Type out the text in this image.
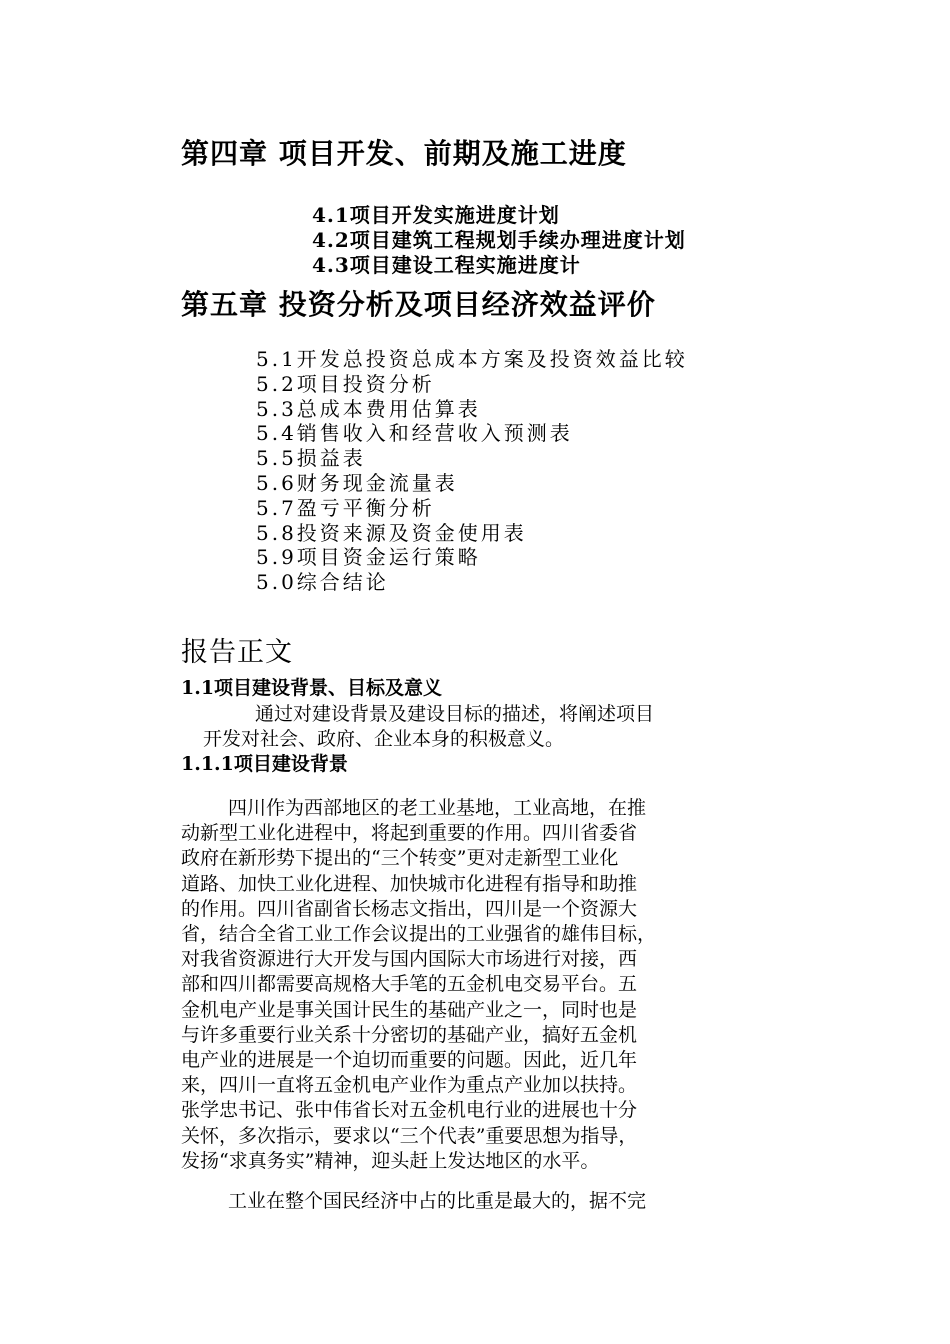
第四章 项目开发、前期及施工进度
4.1项目开发实施进度计划
4.2项目建筑工程规划手续办理进度计划
4.3项目建设工程实施进度计
第五章 投资分析及项目经济效益评价
5.1开发总投资总成本方案及投资效益比较
5.2项目投资分析
5.3总成本费用估算表
5.4销售收入和经营收入预测表
5.5损益表
5.6财务现金流量表
5.7盈亏平衡分析
5.8投资来源及资金使用表
5.9项目资金运行策略
5.0综合结论
报告正文
1.1项目建设背景、目标及意义
通过对建设背景及建设目标的描述，将阐述项目
开发对社会、政府、企业本身的积极意义。
1.1.1项目建设背景
四川作为西部地区的老工业基地，工业高地，在推
动新型工业化进程中，将起到重要的作用。四川省委省
政府在新形势下提出的“三个转变”更对走新型工业化
道路、加快工业化进程、加快城市化进程有指导和助推
的作用。四川省副省长杨志文指出，四川是一个资源大
省，结合全省工业工作会议提出的工业强省的雄伟目标，
对我省资源进行大开发与国内国际大市场进行对接，西
部和四川都需要高规格大手笔的五金机电交易平台。五
金机电产业是事关国计民生的基础产业之一，同时也是
与许多重要行业关系十分密切的基础产业，搞好五金机
电产业的进展是一个迫切而重要的问题。因此，近几年
来，四川一直将五金机电产业作为重点产业加以扶持。
张学忠书记、张中伟省长对五金机电行业的进展也十分
关怀，多次指示，要求以“三个代表”重要思想为指导，
发扬“求真务实”精神，迎头赶上发达地区的水平。
工业在整个国民经济中占的比重是最大的，据不完
